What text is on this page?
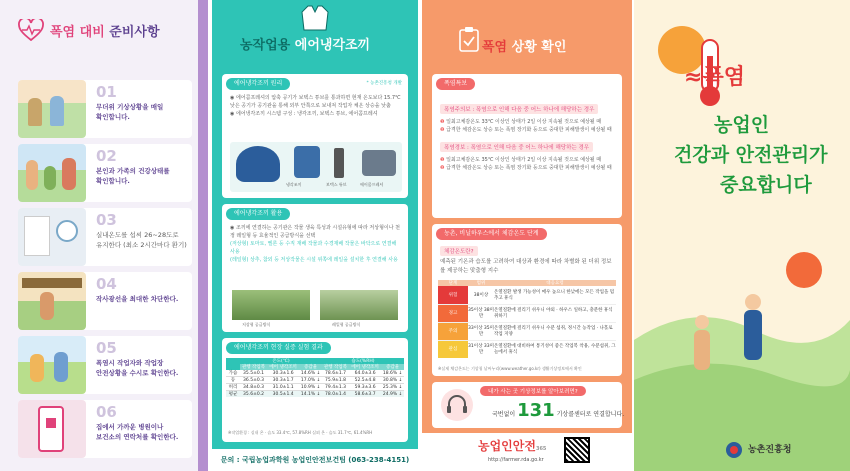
폭염 대비 준비사항
01
무더위 기상상황을 매일
확인합니다.
02
본인과 가족의 건강상태를
확인합니다.
03
실내온도를 섭씨 26~28도로
유지한다 (최소 2시간마다 환기)
04
작사광선을 최대한 차단한다.

05
폭염시 작업자와 작업장
안전상황을 수시로 확인한다.
06
집에서 가까운 병원이나
보건소의 연락처를 확인한다.
농작업용 에어냉각조끼
에어냉각조끼 원리	* 농촌진흥청 개발
◉ 에어콤프레셔의 압축 공기가 보텍스 튜브를 통과하면 현재 온도보다 15.7℃ 낮은 공기가 공기관을 통해 외부 안쪽으로 보내져 작업자 체온 상승을 낮춤
◉ 에어냉각조끼 시스템 구성 : 냉각조끼, 보텍스 튜브, 에어콤프레셔
냉각조끼	보텍스 튜브	에어콤프레셔
에어냉각조끼 활용
◉ 조끼에 연결하는 공기관은 작물 생육 특성과 시설유형에 따라 저상형이나 천정 레일형 등 효율적인 공급방식을 선택
(저상형) 토마토, 멜론 등 수직 재배 작물과 수경재배 작물은 바닥으로 연결해 사용
(레일형) 상추, 참외 등 저상작물은 시설 위쪽에 레일을 설치한 후 연결해 사용
저상형 공급방식	레일형 공급방식
에어냉각조끼 현장 실증 실험 결과
	온도(℃)			습도(%RH)		
	관행 작업복	에어 냉각조끼	증감율	관행 작업복	에어 냉각조끼	증감율
가슴	35.5±0.1	30.3±1.6	14.6% ↓	78.6±1.7	64.0±3.6	18.6% ↓
등	36.5±0.3	30.3±1.7	17.0% ↓	75.9±1.8	52.5±4.8	30.8% ↓
허리	34.8±0.3	31.0±1.1	10.9% ↓	79.4±1.3	59.3±3.6	25.3% ↓
평균	35.6±0.2	30.5±1.4	14.1% ↓	78.0±1.4	58.6±3.7	24.9% ↓
※작업환경 : 실내 온 · 습도 33.4℃, 57.8%RH 실외 온 · 습도 31.7℃, 61.4%RH
문의 : 국립농업과학원 농업인안전보건팀 (063-238-4151)
폭염 상황 확인
폭염특보
폭염주의보 : 폭염으로 인해 다음 중 어느 하나에 해당하는 경우
❶ 일최고체감온도 33℃ 이상인 상태가 2일 이상 지속될 것으로 예상될 때
❷ 급격한 체감온도 상승 또는 폭염 장기화 등으로 중대한 피해발생이 예상될 때
폭염경보 : 폭염으로 인해 다음 중 어느 하나에 해당하는 경우
❶ 일최고체감온도 35℃ 이상인 상태가 2일 이상 지속될 것으로 예상될 때
❷ 급격한 체감온도 상승 또는 폭염 장기화 등으로 중대한 피해발생이 예상될 때
농촌, 비닐하우스에서 체감온도 단계
체감온도란?
예측된 기온과 습도를 고려하여 대상과 환경에 따라 차별화 된 더위 정보를 제공하는 맞춤형 지수
단계	범위	대응요령
위험	38이상	온열질환 발생 가능성이 매우 높으니 한낮에는 모든 작업을 멈추고 휴식
경고	35이상 38미만	온열질환에 걸리기 쉬우니 야외 · 하우스 일하고, 충분한 휴식 취하기
주의	33이상 35미만	온열질환에 걸리기 쉬우니 수분 섭취, 정시간 농작업 · 나홀로 작업 지양
관심	31이상 33미만	온열질환에 대비하여 통기성이 좋은 작업복 착용, 수분섭취, 그늘에서 휴식
※실제 체감온도는 기상청 날씨누리(www.weather.go.kr) 생활기상정보에서 확인
내가 사는 곳 기상정보를 알아보려면?
국번없이 131 기상콜센터로 연결합니다.
농업인안전365
http://farmer.rda.go.kr
≈폭염
농업인
건강과 안전관리가
중요합니다
농촌진흥청
